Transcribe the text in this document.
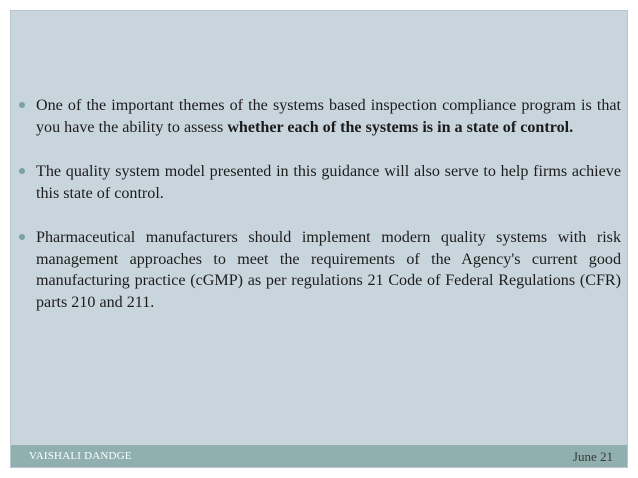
One of the important themes of the systems based inspection compliance program is that you have the ability to assess whether each of the systems is in a state of control.
The quality system model presented in this guidance will also serve to help firms achieve this state of control.
Pharmaceutical manufacturers should implement modern quality systems with risk management approaches to meet the requirements of the Agency's current good manufacturing practice (cGMP) as per regulations 21 Code of Federal Regulations (CFR) parts 210 and 211.
VAISHALI DANDGE	June 21
